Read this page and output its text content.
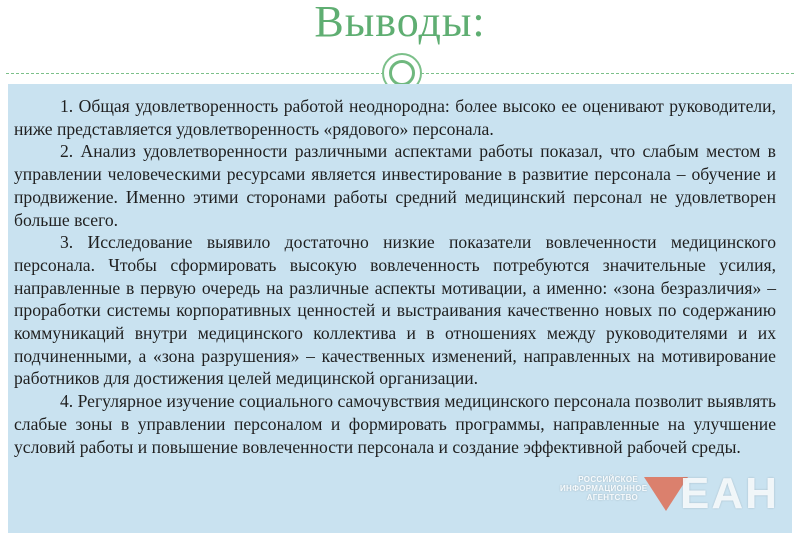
Выводы:

1. Общая удовлетворенность работой неоднородна: более высоко ее оценивают руководители, ниже представляется удовлетворенность «рядового» персонала.

2. Анализ удовлетворенности различными аспектами работы показал, что слабым местом в управлении человеческими ресурсами является инвестирование в развитие персонала – обучение и продвижение. Именно этими сторонами работы средний медицинский персонал не удовлетворен больше всего.

3. Исследование выявило достаточно низкие показатели вовлеченности медицинского персонала. Чтобы сформировать высокую вовлеченность потребуются значительные усилия, направленные в первую очередь на различные аспекты мотивации, а именно: «зона безразличия» – проработки системы корпоративных ценностей и выстраивания качественно новых по содержанию коммуникаций внутри медицинского коллектива и в отношениях между руководителями и их подчиненными, а «зона разрушения» – качественных изменений, направленных на мотивирование работников для достижения целей медицинской организации.

4. Регулярное изучение социального самочувствия медицинского персонала позволит выявлять слабые зоны в управлении персоналом и формировать программы, направленные на улучшение условий работы и повышение вовлеченности персонала и создание эффективной рабочей среды.

РОССИЙСКОЕ ИНФОРМАЦИОННОЕ АГЕНТСТВО ЕАН
